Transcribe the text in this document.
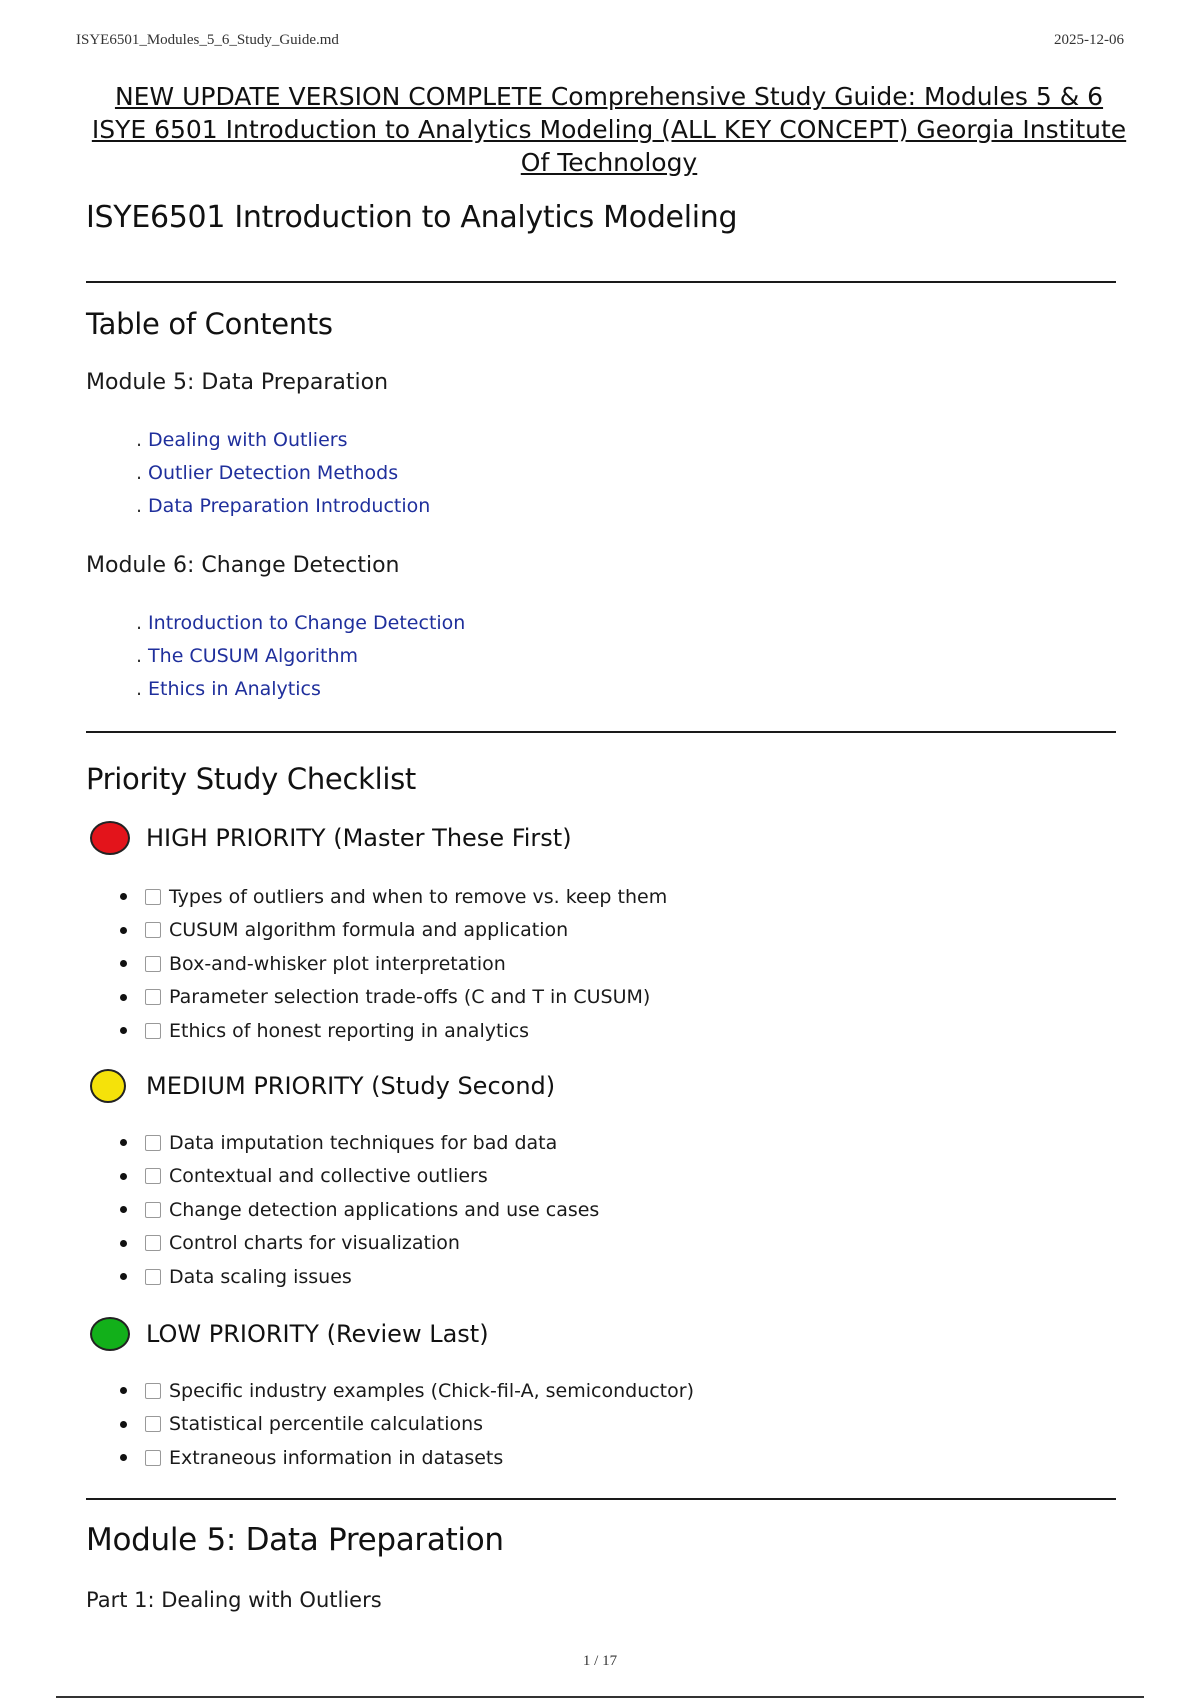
ISYE6501_Modules_5_6_Study_Guide.md	2025-12-06
NEW UPDATE VERSION COMPLETE Comprehensive Study Guide: Modules 5 & 6 ISYE 6501 Introduction to Analytics Modeling (ALL KEY CONCEPT) Georgia Institute Of Technology
ISYE6501 Introduction to Analytics Modeling
Table of Contents
Module 5: Data Preparation
. Dealing with Outliers
. Outlier Detection Methods
. Data Preparation Introduction
Module 6: Change Detection
. Introduction to Change Detection
. The CUSUM Algorithm
. Ethics in Analytics
Priority Study Checklist
HIGH PRIORITY (Master These First)
Types of outliers and when to remove vs. keep them
CUSUM algorithm formula and application
Box-and-whisker plot interpretation
Parameter selection trade-offs (C and T in CUSUM)
Ethics of honest reporting in analytics
MEDIUM PRIORITY (Study Second)
Data imputation techniques for bad data
Contextual and collective outliers
Change detection applications and use cases
Control charts for visualization
Data scaling issues
LOW PRIORITY (Review Last)
Specific industry examples (Chick-fil-A, semiconductor)
Statistical percentile calculations
Extraneous information in datasets
Module 5: Data Preparation
Part 1: Dealing with Outliers
1 / 17
